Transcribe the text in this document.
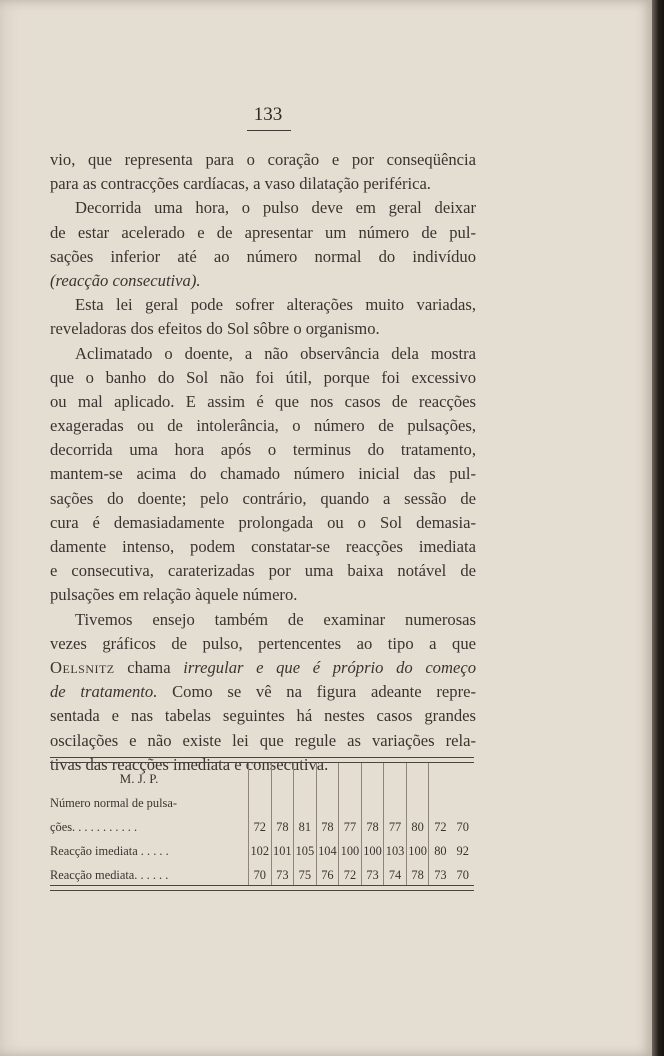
133
vio, que representa para o coração e por conseqüência
para as contracções cardíacas, a vaso dilatação periférica.
Decorrida uma hora, o pulso deve em geral deixar
de estar acelerado e de apresentar um número de pul-
sações inferior até ao número normal do indivíduo
(reacção consecutiva).
Esta lei geral pode sofrer alterações muito variadas,
reveladoras dos efeitos do Sol sôbre o organismo.
Aclimatado o doente, a não observância dela mostra
que o banho do Sol não foi útil, porque foi excessivo
ou mal aplicado. E assim é que nos casos de reacções
exageradas ou de intolerância, o número de pulsações,
decorrida uma hora após o terminus do tratamento,
mantem-se acima do chamado número inicial das pul-
sações do doente; pelo contrário, quando a sessão de
cura é demasiadamente prolongada ou o Sol demasia-
damente intenso, podem constatar-se reacções imediata
e consecutiva, caraterizadas por uma baixa notável de
pulsações em relação àquele número.
Tivemos ensejo também de examinar numerosas
vezes gráficos de pulso, pertencentes ao tipo a que
Oelsnitz chama irregular e que é próprio do começo
de tratamento. Como se vê na figura adeante repre-
sentada e nas tabelas seguintes há nestes casos grandes
oscilações e não existe lei que regule as variações rela-
tivas das reacções imediata e consecutiva.
M. J. P.										
Número normal de pulsa-										
ções. . . . . . . . . . .	72	78	81	78	77	78	77	80	72	70
Reacção imediata . . . . .	102	101	105	104	100	100	103	100	80	92
Reacção mediata. . . . . .	70	73	75	76	72	73	74	78	73	70
